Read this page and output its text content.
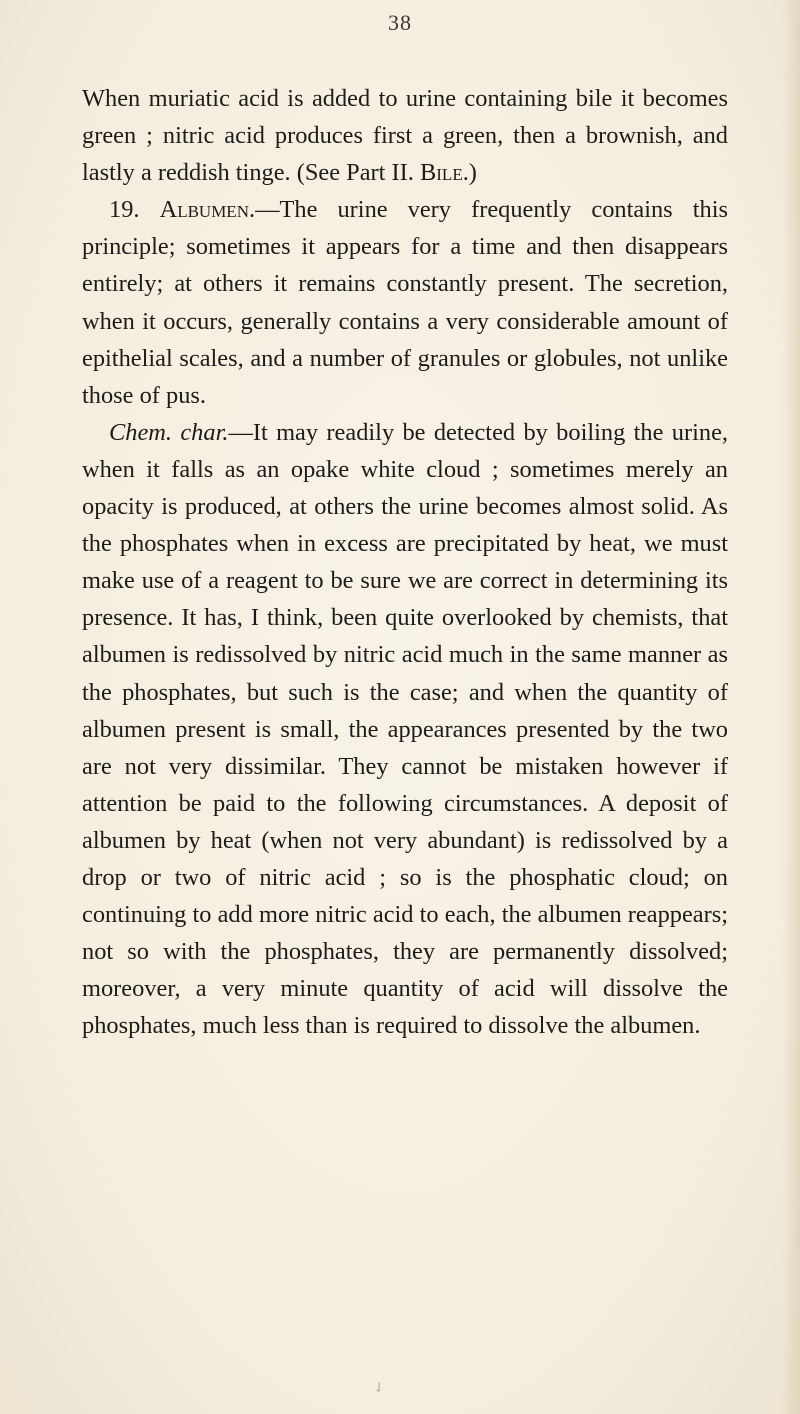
38

When muriatic acid is added to urine containing bile it becomes green ; nitric acid produces first a green, then a brownish, and lastly a reddish tinge. (See Part II. Bile.)

19. Albumen.—The urine very frequently contains this principle; sometimes it appears for a time and then disappears entirely; at others it remains constantly present. The secretion, when it occurs, generally contains a very considerable amount of epithelial scales, and a number of granules or globules, not unlike those of pus.

Chem. char.—It may readily be detected by boiling the urine, when it falls as an opake white cloud ; sometimes merely an opacity is produced, at others the urine becomes almost solid. As the phosphates when in excess are precipitated by heat, we must make use of a reagent to be sure we are correct in determining its presence. It has, I think, been quite overlooked by chemists, that albumen is redissolved by nitric acid much in the same manner as the phosphates, but such is the case; and when the quantity of albumen present is small, the appearances presented by the two are not very dissimilar. They cannot be mistaken however if attention be paid to the following circumstances. A deposit of albumen by heat (when not very abundant) is redissolved by a drop or two of nitric acid ; so is the phosphatic cloud; on continuing to add more nitric acid to each, the albumen reappears; not so with the phosphates, they are permanently dissolved; moreover, a very minute quantity of acid will dissolve the phosphates, much less than is required to dissolve the albumen.

✓
